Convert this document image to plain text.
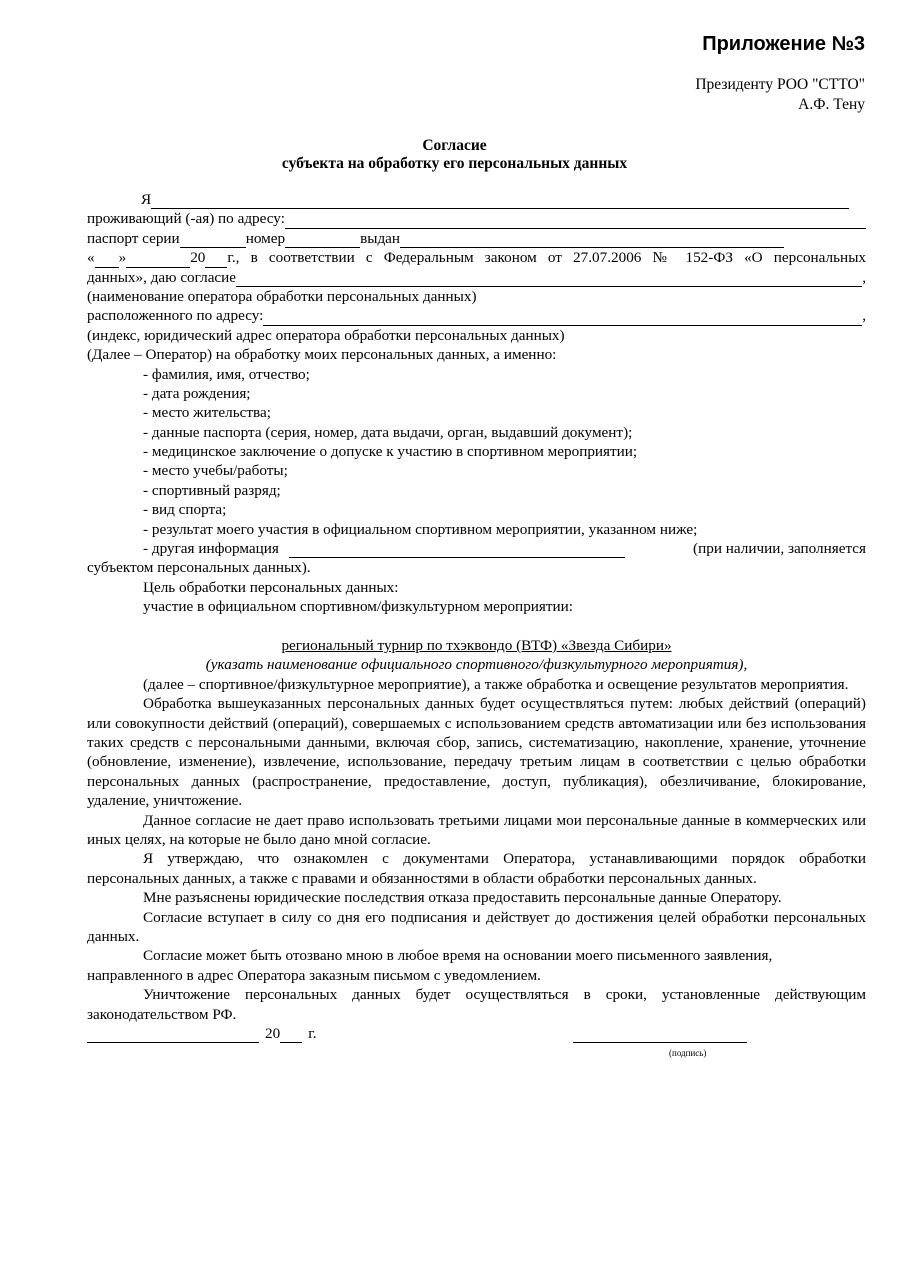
Приложение №3
Президенту РОО "СТТО"
А.Ф. Тену
Согласие
субъекта на обработку его персональных данных
Я
проживающий (-ая) по адресу:
паспорт серии	номер	выдан
« »	20 г., в соответствии с Федеральным законом от 27.07.2006 № 152-ФЗ «О персональных
данных», даю согласие	,
(наименование оператора обработки персональных данных)
расположенного по адресу:	,
(индекс, юридический адрес оператора обработки персональных данных)
(Далее – Оператор) на обработку моих персональных данных, а именно:
- фамилия, имя, отчество;
- дата рождения;
- место жительства;
- данные паспорта (серия, номер, дата выдачи, орган, выдавший документ);
- медицинское заключение о допуске к участию в спортивном мероприятии;
- место учебы/работы;
- спортивный разряд;
- вид спорта;
- результат моего участия в официальном спортивном мероприятии, указанном ниже;
- другая информация	(при наличии, заполняется
субъектом персональных данных).
Цель обработки персональных данных:
участие в официальном спортивном/физкультурном мероприятии:
региональный турнир по тхэквондо (ВТФ) «Звезда Сибири»
(указать наименование официального спортивного/физкультурного мероприятия) ,

(далее – спортивное/физкультурное мероприятие), а также обработка и освещение результатов мероприятия.

Обработка вышеуказанных персональных данных будет осуществляться путем: любых действий (операций) или совокупности действий (операций), совершаемых с использованием средств автоматизации или без использования таких средств с персональными данными, включая сбор, запись, систематизацию, накопление, хранение, уточнение (обновление, изменение), извлечение, использование, передачу третьим лицам в соответствии с целью обработки персональных данных (распространение, предоставление, доступ, публикация), обезличивание, блокирование, удаление, уничтожение.

Данное согласие не дает право использовать третьими лицами мои персональные данные в коммерческих или иных целях, на которые не было дано мной согласие.

Я утверждаю, что ознакомлен с документами Оператора, устанавливающими порядок обработки персональных данных, а также с правами и обязанностями в области обработки персональных данных.

Мне разъяснены юридические последствия отказа предоставить персональные данные Оператору.

Согласие вступает в силу со дня его подписания и действует до достижения целей обработки персональных данных.

Согласие может быть отозвано мною в любое время на основании моего письменного заявления, направленного в адрес Оператора заказным письмом с уведомлением.

Уничтожение персональных данных будет осуществляться в сроки, установленные действующим законодательством РФ.

20 г.
(подпись)
